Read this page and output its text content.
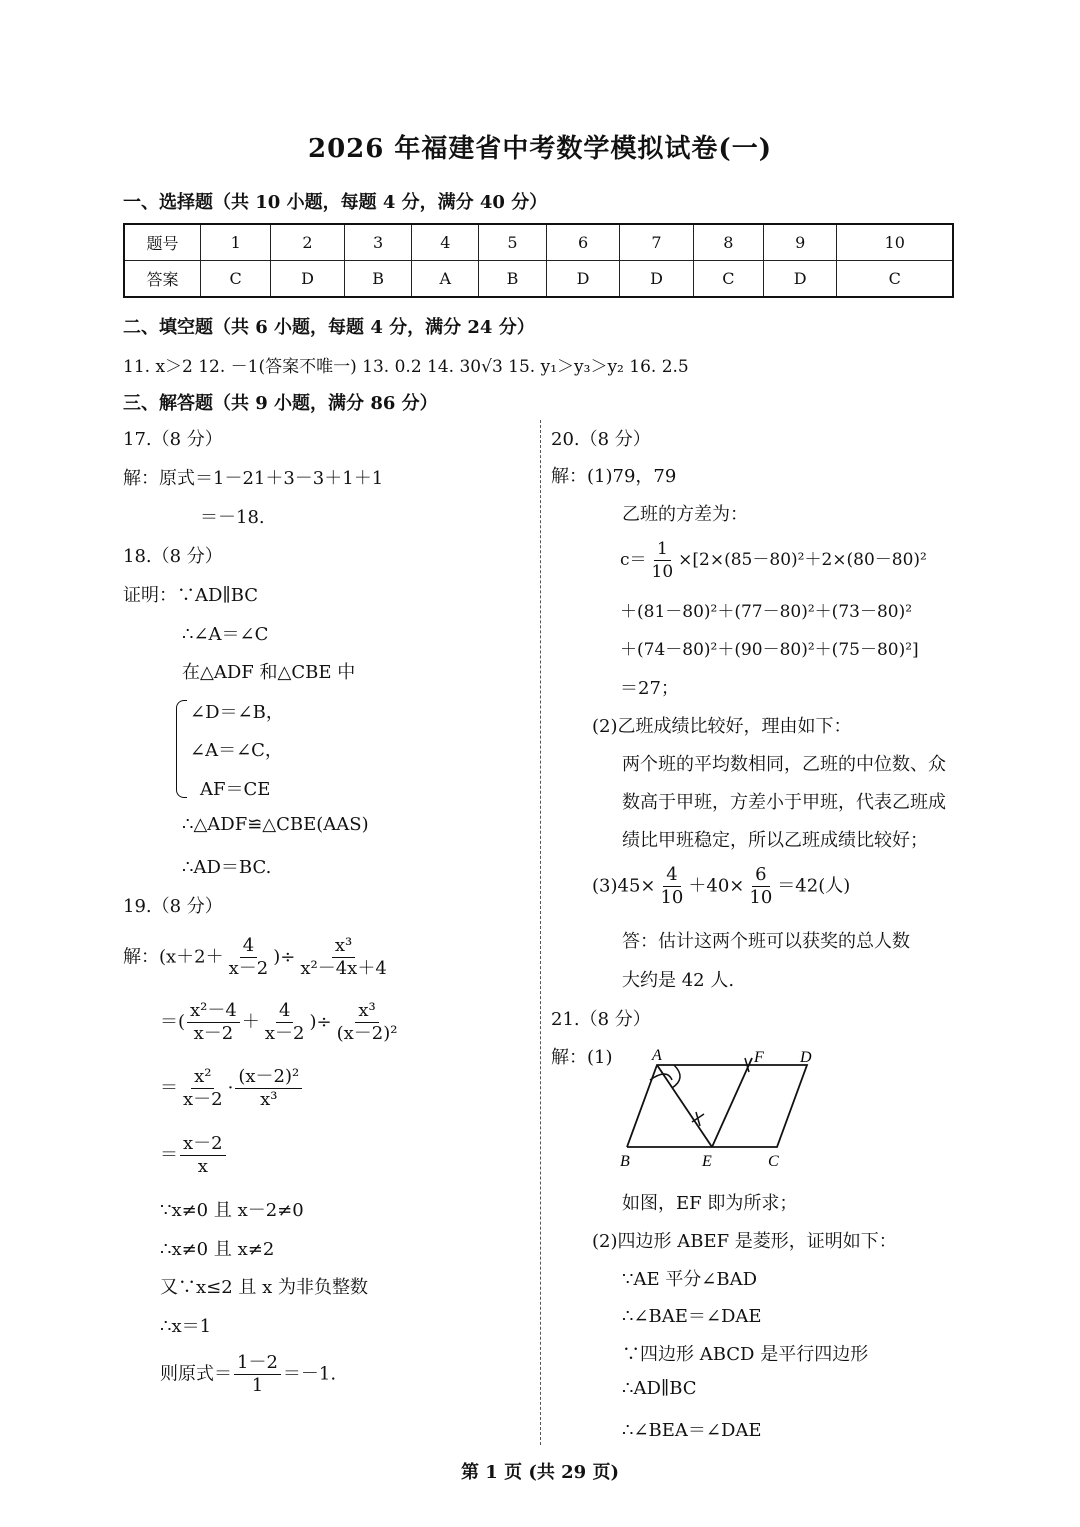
2026 年福建省中考数学模拟试卷(一)
一、选择题（共 10 小题，每题 4 分，满分 40 分）
题号	1	2	3	4	5	6	7	8	9	10
答案	C	D	B	A	B	D	D	C	D	C
二、填空题（共 6 小题，每题 4 分，满分 24 分）
11. x＞2 12. －1(答案不唯一) 13. 0.2 14. 30√3 15. y₁＞y₃＞y₂ 16. 2.5
三、解答题（共 9 小题，满分 86 分）
17.（8 分）
解：原式＝1－21＋3－3＋1＋1
＝－18.
18.（8 分）
证明：∵AD∥BC
∴∠A＝∠C
在△ADF 和△CBE 中
∠D＝∠B，
∠A＝∠C，
AF＝CE
∴△ADF≌△CBE(AAS)
∴AD＝BC.
19.（8 分）
解：($x+2+ \frac{4}{x-2}$ )÷ $\frac{\text{x³}}{\text{x²－4x＋4}}$
＝( $\frac{\text{x²－4}}{x-2} + \frac{4}{x-2}$ )÷ $\frac{\text{x³}}{\text{(x－2)²}}$
＝ $\frac{\text{x²}}{x-2} \cdot \frac{\text{(x－2)²}}{\text{x³}}$
＝ $\frac{x-2}{x}$
∵x≠0 且 x－2≠0
∴x≠0 且 x≠2
又∵x≤2 且 x 为非负整数
∴x＝1
则原式＝ $\frac{1-2}{1} =-1$.
20.（8 分）
解：(1)79，79
乙班的方差为：
$c= \frac{1}{10} \times[2\times(85-80)^2+2\times(80-80)^2$
＋(81－80)²＋(77－80)²＋(73－80)²
＋(74－80)²＋(90－80)²＋(75－80)²]
＝27；
(2)乙班成绩比较好，理由如下：
两个班的平均数相同，乙班的中位数、众
数高于甲班，方差小于甲班，代表乙班成
绩比甲班稳定，所以乙班成绩比较好；
$(3)45\times \frac{4}{10} +40\times \frac{6}{10} =42$(人)
答：估计这两个班可以获奖的总人数
大约是 42 人.
21.（8 分）
解：(1) A	F D
B	E	C
如图，EF 即为所求；
(2)四边形 ABEF 是菱形，证明如下：
∵AE 平分∠BAD
∴∠BAE＝∠DAE
∵四边形 ABCD 是平行四边形
∴AD∥BC
∴∠BEA＝∠DAE
第 1 页 (共 29 页)
